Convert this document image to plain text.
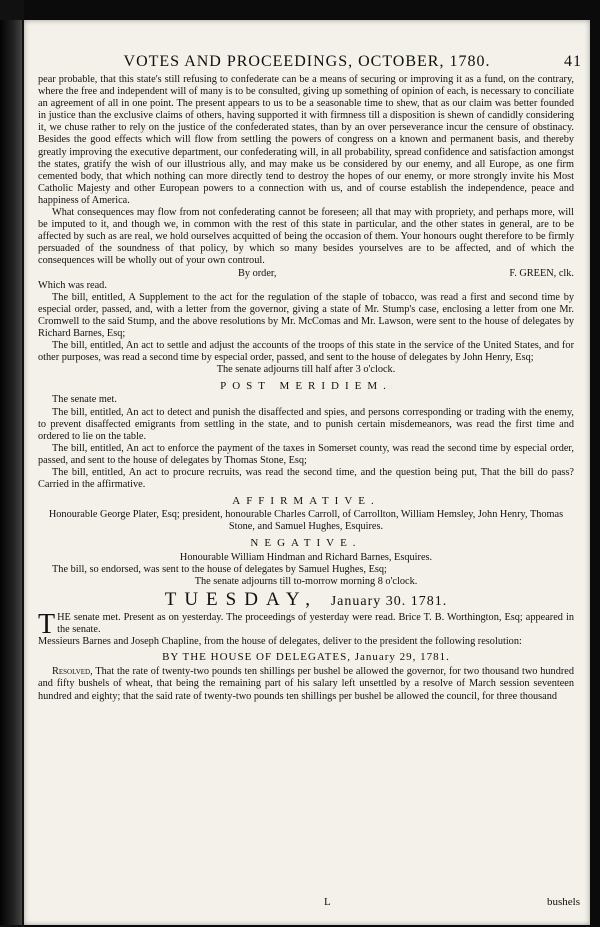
VOTES AND PROCEEDINGS, OCTOBER, 1780.	41

pear probable, that this state's still refusing to confederate can be a means of securing or improving it as a fund, on the contrary, where the free and independent will of many is to be consulted, giving up something of opinion of each, is necessary to conciliate an agreement of all in one point. The present appears to us to be a seasonable time to shew, that as our claim was better founded in justice than the exclusive claims of others, having supported it with firmness till a disposition is shewn of candidly considering it, we chuse rather to rely on the justice of the confederated states, than by an over perseverance incur the censure of obstinacy. Besides the good effects which will flow from settling the powers of congress on a known and permanent basis, and thereby greatly improving the executive department, our confederating will, in all probability, spread confidence and satisfaction amongst the states, gratify the wish of our illustrious ally, and may make us be considered by our enemy, and all Europe, as one firm cemented body, that which nothing can more directly tend to destroy the hopes of our enemy, or more strongly invite his Most Catholic Majesty and other European powers to a connection with us, and of course establish the independence, peace and happiness of America.

What consequences may flow from not confederating cannot be foreseen; all that may with propriety, and perhaps more, will be imputed to it, and though we, in common with the rest of this state in particular, and the other states in general, are to be affected by such as are real, we hold ourselves acquitted of being the occasion of them. Your honours ought therefore to be firmly persuaded of the soundness of that policy, by which so many besides yourselves are to be affected, and of which the consequences will be wholly out of your own controul.

By order,	F. GREEN, clk.

Which was read.

The bill, entitled, A Supplement to the act for the regulation of the staple of tobacco, was read a first and second time by especial order, passed, and, with a letter from the governor, giving a state of Mr. Stump's case, enclosing a letter from one Mr. Cromwell to the said Stump, and the above resolutions by Mr. McComas and Mr. Lawson, were sent to the house of delegates by Richard Barnes, Esq;

The bill, entitled, An act to settle and adjust the accounts of the troops of this state in the service of the United States, and for other purposes, was read a second time by especial order, passed, and sent to the house of delegates by John Henry, Esq;

The senate adjourns till half after 3 o'clock.

POST MERIDIEM.

The senate met.

The bill, entitled, An act to detect and punish the disaffected and spies, and persons corresponding or trading with the enemy, to prevent disaffected emigrants from settling in the state, and to punish certain misdemeanors, was read the first time and ordered to lie on the table.

The bill, entitled, An act to enforce the payment of the taxes in Somerset county, was read the second time by especial order, passed, and sent to the house of delegates by Thomas Stone, Esq;

The bill, entitled, An act to procure recruits, was read the second time, and the question being put, That the bill do pass? Carried in the affirmative.

AFFIRMATIVE.

Honourable George Plater, Esq; president, honourable Charles Carroll, of Carrollton, William Hemsley, John Henry, Thomas Stone, and Samuel Hughes, Esquires.

NEGATIVE.

Honourable William Hindman and Richard Barnes, Esquires.

The bill, so endorsed, was sent to the house of delegates by Samuel Hughes, Esq;

The senate adjourns till to-morrow morning 8 o'clock.

TUESDAY, January 30. 1781.

THE senate met. Present as on yesterday. The proceedings of yesterday were read. Brice T. B. Worthington, Esq; appeared in the senate.

Messieurs Barnes and Joseph Chapline, from the house of delegates, deliver to the president the following resolution:

BY THE HOUSE OF DELEGATES, January 29, 1781.

Resolved, That the rate of twenty-two pounds ten shillings per bushel be allowed the governor, for two thousand two hundred and fifty bushels of wheat, that being the remaining part of his salary left unsettled by a resolve of March session seventeen hundred and eighty; that the said rate of twenty-two pounds ten shillings per bushel be allowed the council, for three thousand

L	bushels
